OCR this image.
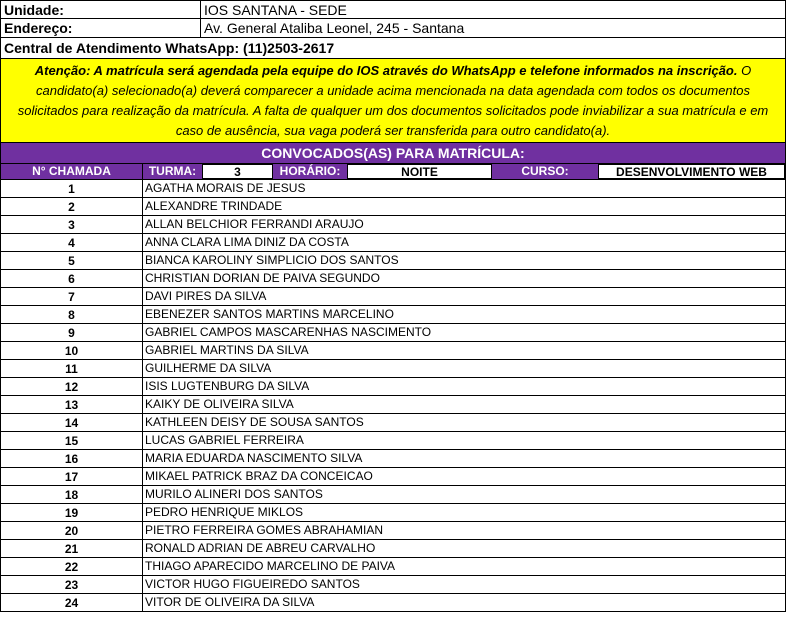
Unidade:	IOS SANTANA - SEDE
Endereço:	Av. General Ataliba Leonel, 245 - Santana
Central de Atendimento WhatsApp: (11)2503-2617
Atenção: A matrícula será agendada pela equipe do IOS através do WhatsApp e telefone informados na inscrição. O candidato(a) selecionado(a) deverá comparecer a unidade acima mencionada na data agendada com todos os documentos solicitados para realização da matrícula. A falta de qualquer um dos documentos solicitados pode inviabilizar a sua matrícula e em caso de ausência, sua vaga poderá ser transferida para outro candidato(a).
CONVOCADOS(AS) PARA MATRÍCULA:
N° CHAMADA	TURMA:	3	HORÁRIO:	NOITE	CURSO:	DESENVOLVIMENTO WEB
1	AGATHA MORAIS DE JESUS
2	ALEXANDRE TRINDADE
3	ALLAN BELCHIOR FERRANDI ARAUJO
4	ANNA CLARA LIMA DINIZ DA COSTA
5	BIANCA KAROLINY SIMPLICIO DOS SANTOS
6	CHRISTIAN DORIAN DE PAIVA SEGUNDO
7	DAVI PIRES DA SILVA
8	EBENEZER SANTOS MARTINS MARCELINO
9	GABRIEL CAMPOS MASCARENHAS NASCIMENTO
10	GABRIEL MARTINS DA SILVA
11	GUILHERME DA SILVA
12	ISIS LUGTENBURG DA SILVA
13	KAIKY DE OLIVEIRA SILVA
14	KATHLEEN DEISY DE SOUSA SANTOS
15	LUCAS GABRIEL FERREIRA
16	MARIA EDUARDA NASCIMENTO SILVA
17	MIKAEL PATRICK BRAZ DA CONCEICAO
18	MURILO ALINERI DOS SANTOS
19	PEDRO HENRIQUE MIKLOS
20	PIETRO FERREIRA GOMES ABRAHAMIAN
21	RONALD ADRIAN DE ABREU CARVALHO
22	THIAGO APARECIDO MARCELINO DE PAIVA
23	VICTOR HUGO FIGUEIREDO SANTOS
24	VITOR DE OLIVEIRA DA SILVA
